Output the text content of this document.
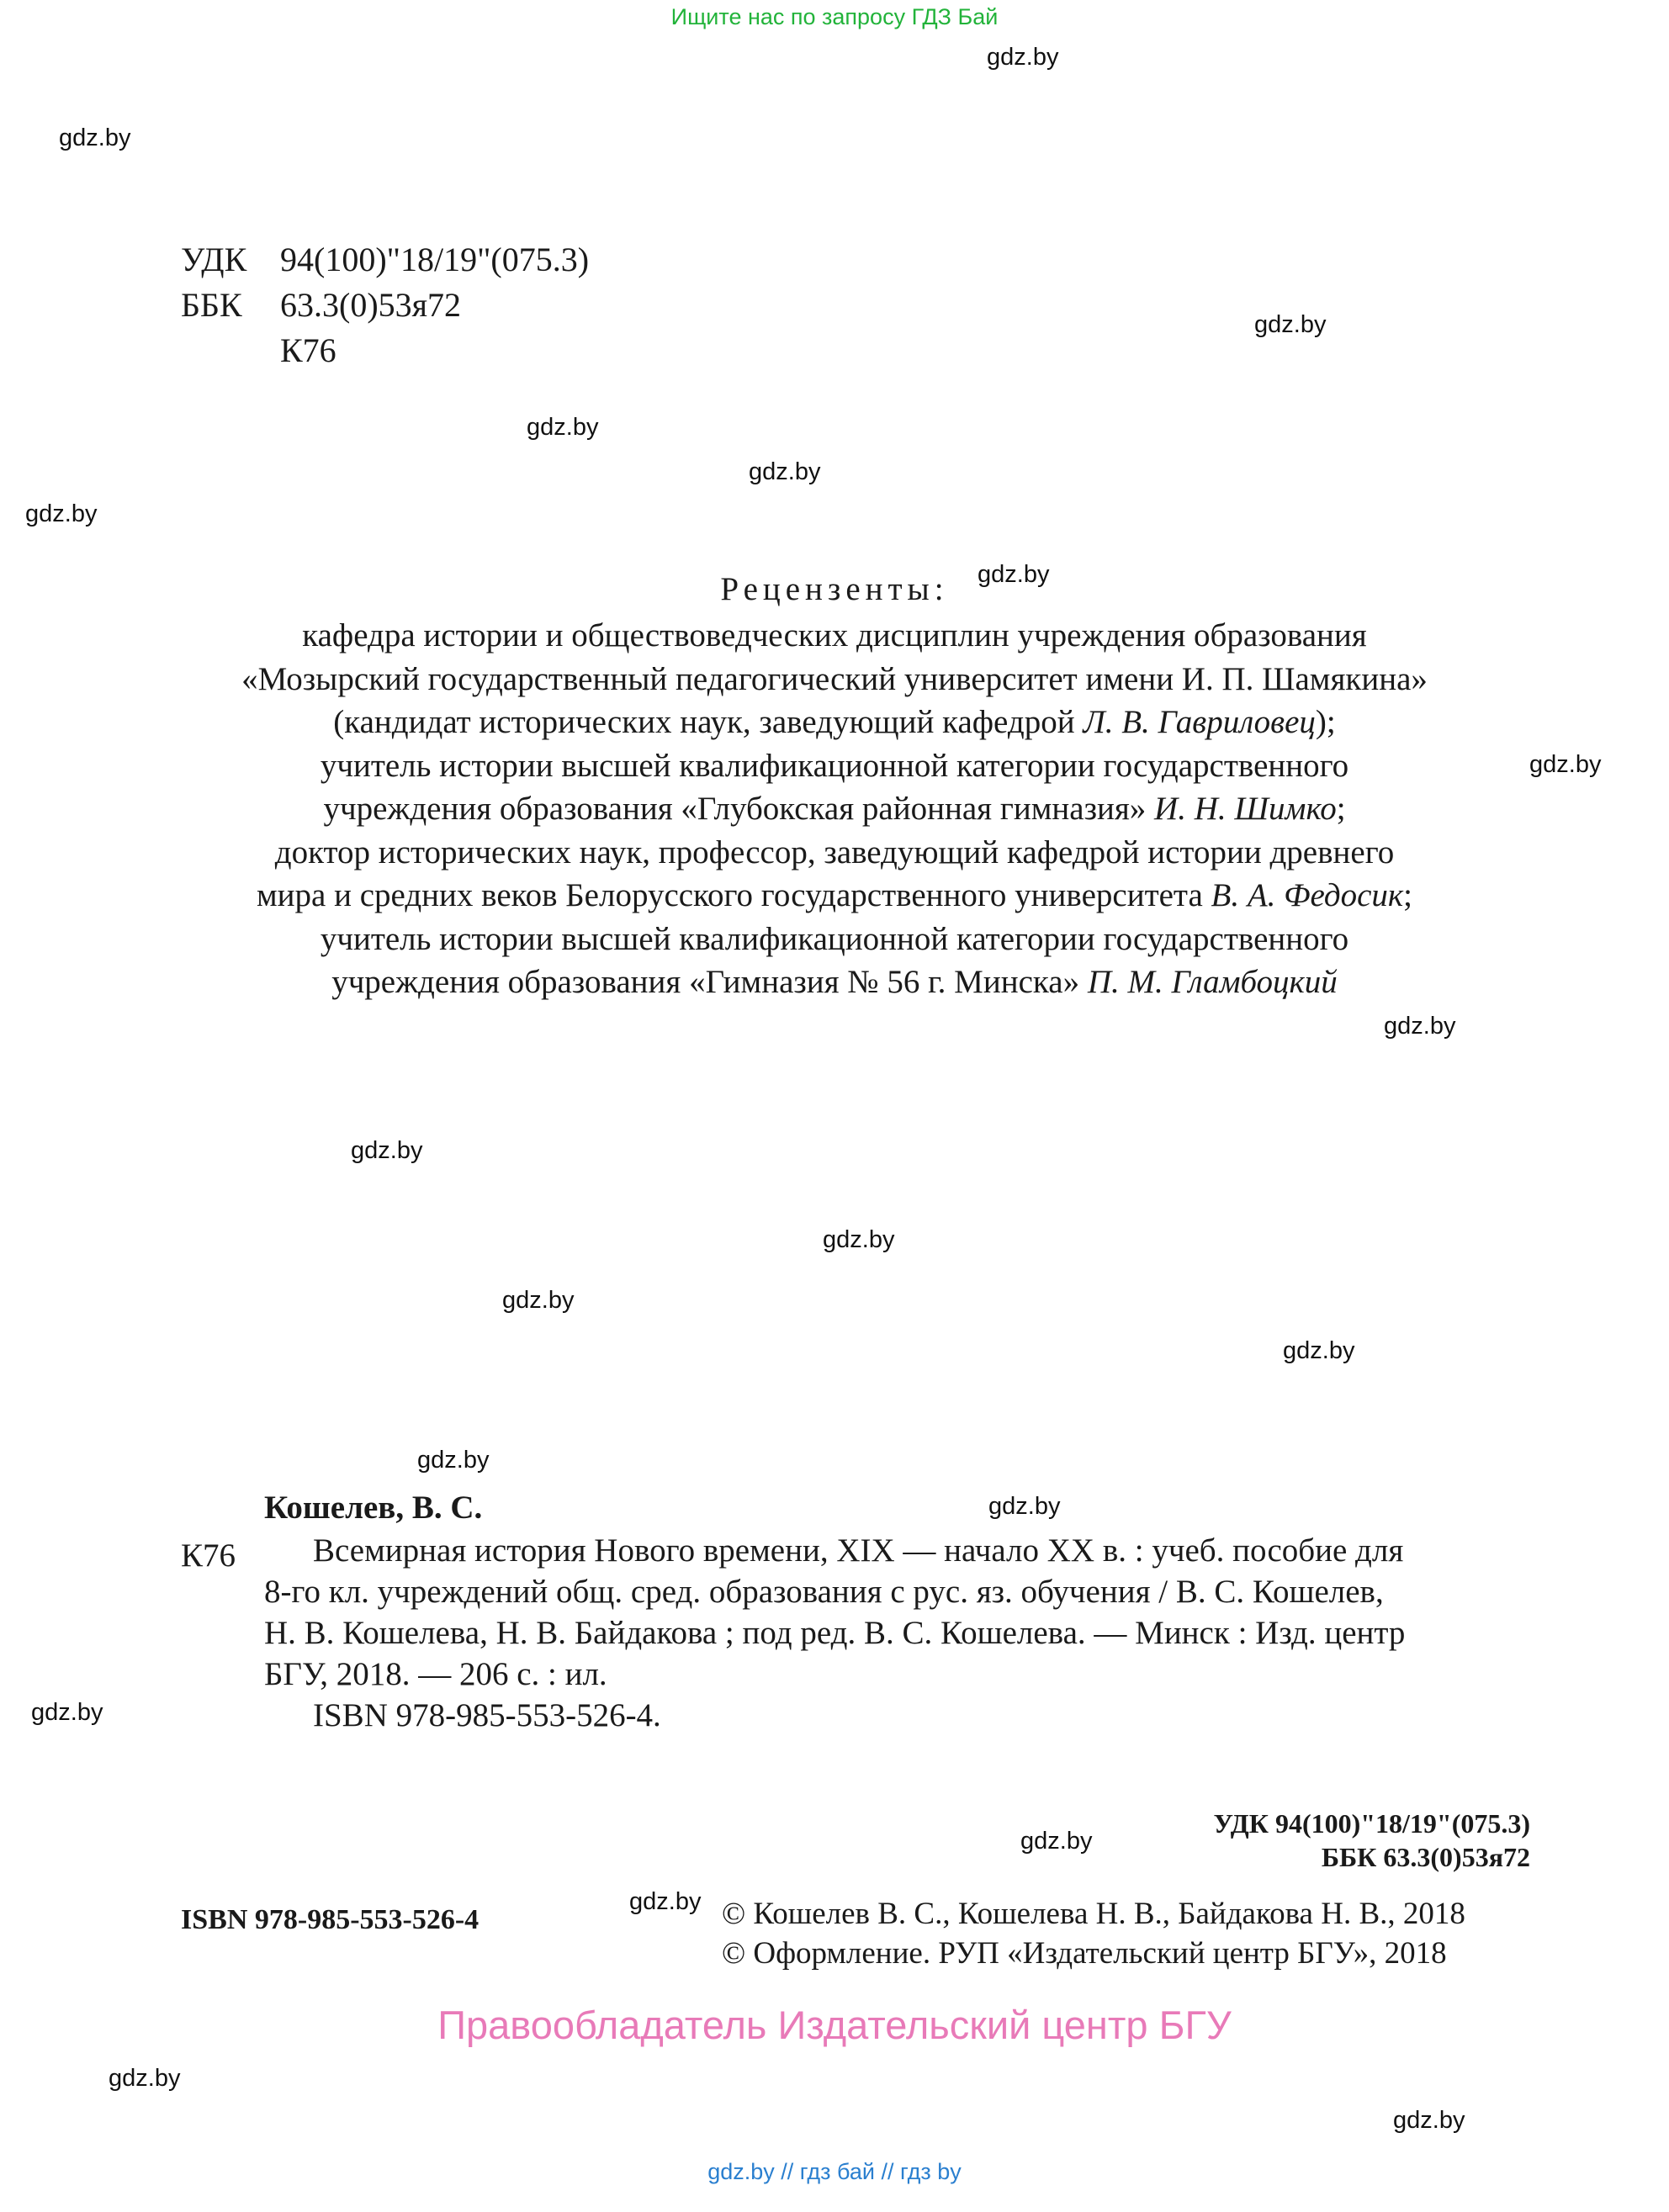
Ищите нас по запросу ГДЗ Бай
gdz.by
gdz.by
gdz.by
gdz.by
gdz.by
gdz.by
gdz.by
gdz.by
gdz.by
gdz.by
gdz.by
gdz.by
gdz.by
gdz.by
gdz.by
gdz.by
gdz.by
gdz.by
gdz.by
gdz.by
УДК 94(100)"18/19"(075.3)
ББК 63.3(0)53я72
К76
Рецензенты:
кафедра истории и обществоведческих дисциплин учреждения образования
«Мозырский государственный педагогический университет имени И. П. Шамякина»
(кандидат исторических наук, заведующий кафедрой Л. В. Гавриловец);
учитель истории высшей квалификационной категории государственного
учреждения образования «Глубокская районная гимназия» И. Н. Шимко;
доктор исторических наук, профессор, заведующий кафедрой истории древнего
мира и средних веков Белорусского государственного университета В. А. Федосик;
учитель истории высшей квалификационной категории государственного
учреждения образования «Гимназия № 56 г. Минска» П. М. Гламбоцкий
Кошелев, В. С.
К76	Всемирная история Нового времени, XIX — начало XX в. : учеб. пособие для
8-го кл. учреждений общ. сред. образования с рус. яз. обучения / В. С. Кошелев,
Н. В. Кошелева, Н. В. Байдакова ; под ред. В. С. Кошелева. — Минск : Изд. центр
БГУ, 2018. — 206 с. : ил.
ISBN 978-985-553-526-4.
УДК 94(100)"18/19"(075.3)
ББК 63.3(0)53я72
ISBN 978-985-553-526-4	© Кошелев В. С., Кошелева Н. В., Байдакова Н. В., 2018
© Оформление. РУП «Издательский центр БГУ», 2018
Правообладатель Издательский центр БГУ
gdz.by // гдз бай // гдз by
